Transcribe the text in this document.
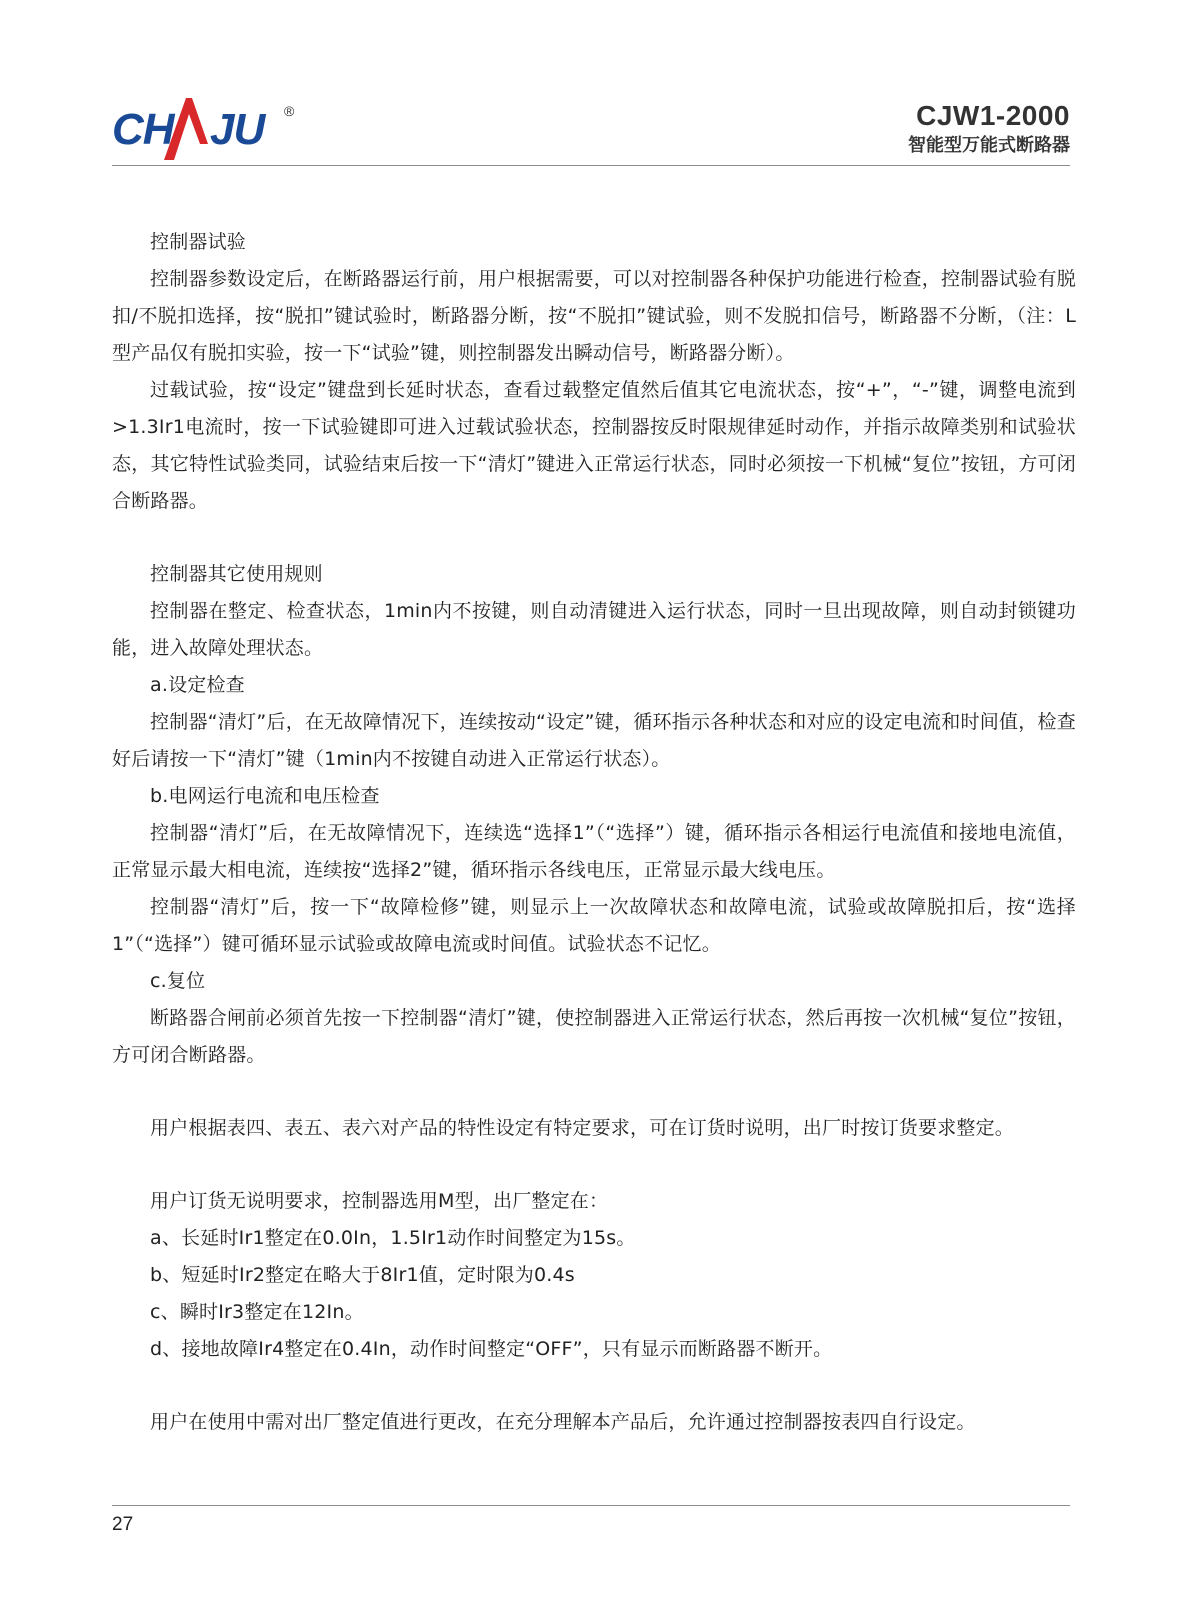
CH JU ®	CJW1-2000
智能型万能式断路器

控制器试验

控制器参数设定后，在断路器运行前，用户根据需要，可以对控制器各种保护功能进行检查，控制器试验有脱扣/不脱扣选择，按“脱扣”键试验时，断路器分断，按“不脱扣”键试验，则不发脱扣信号，断路器不分断，（注：L型产品仅有脱扣实验，按一下“试验”键，则控制器发出瞬动信号，断路器分断）。

过载试验，按“设定”键盘到长延时状态，查看过载整定值然后值其它电流状态，按“+”，“-”键，调整电流到>1.3Ir1电流时，按一下试验键即可进入过载试验状态，控制器按反时限规律延时动作，并指示故障类别和试验状态，其它特性试验类同，试验结束后按一下“清灯”键进入正常运行状态，同时必须按一下机械“复位”按钮，方可闭合断路器。

控制器其它使用规则

控制器在整定、检查状态，1min内不按键，则自动清键进入运行状态，同时一旦出现故障，则自动封锁键功能，进入故障处理状态。

a.设定检查

控制器“清灯”后，在无故障情况下，连续按动“设定”键，循环指示各种状态和对应的设定电流和时间值，检查好后请按一下“清灯”键（1min内不按键自动进入正常运行状态）。

b.电网运行电流和电压检查

控制器“清灯”后，在无故障情况下，连续选“选择1”（“选择”）键，循环指示各相运行电流值和接地电流值，正常显示最大相电流，连续按“选择2”键，循环指示各线电压，正常显示最大线电压。

控制器“清灯”后，按一下“故障检修”键，则显示上一次故障状态和故障电流，试验或故障脱扣后，按“选择1”（“选择”）键可循环显示试验或故障电流或时间值。试验状态不记忆。

c.复位

断路器合闸前必须首先按一下控制器“清灯”键，使控制器进入正常运行状态，然后再按一次机械“复位”按钮，方可闭合断路器。

用户根据表四、表五、表六对产品的特性设定有特定要求，可在订货时说明，出厂时按订货要求整定。

用户订货无说明要求，控制器选用M型，出厂整定在：

a、长延时Ir1整定在0.0In，1.5Ir1动作时间整定为15s。

b、短延时Ir2整定在略大于8Ir1值，定时限为0.4s

c、瞬时Ir3整定在12In。

d、接地故障Ir4整定在0.4In，动作时间整定“OFF”，只有显示而断路器不断开。

用户在使用中需对出厂整定值进行更改，在充分理解本产品后，允许通过控制器按表四自行设定。

27
